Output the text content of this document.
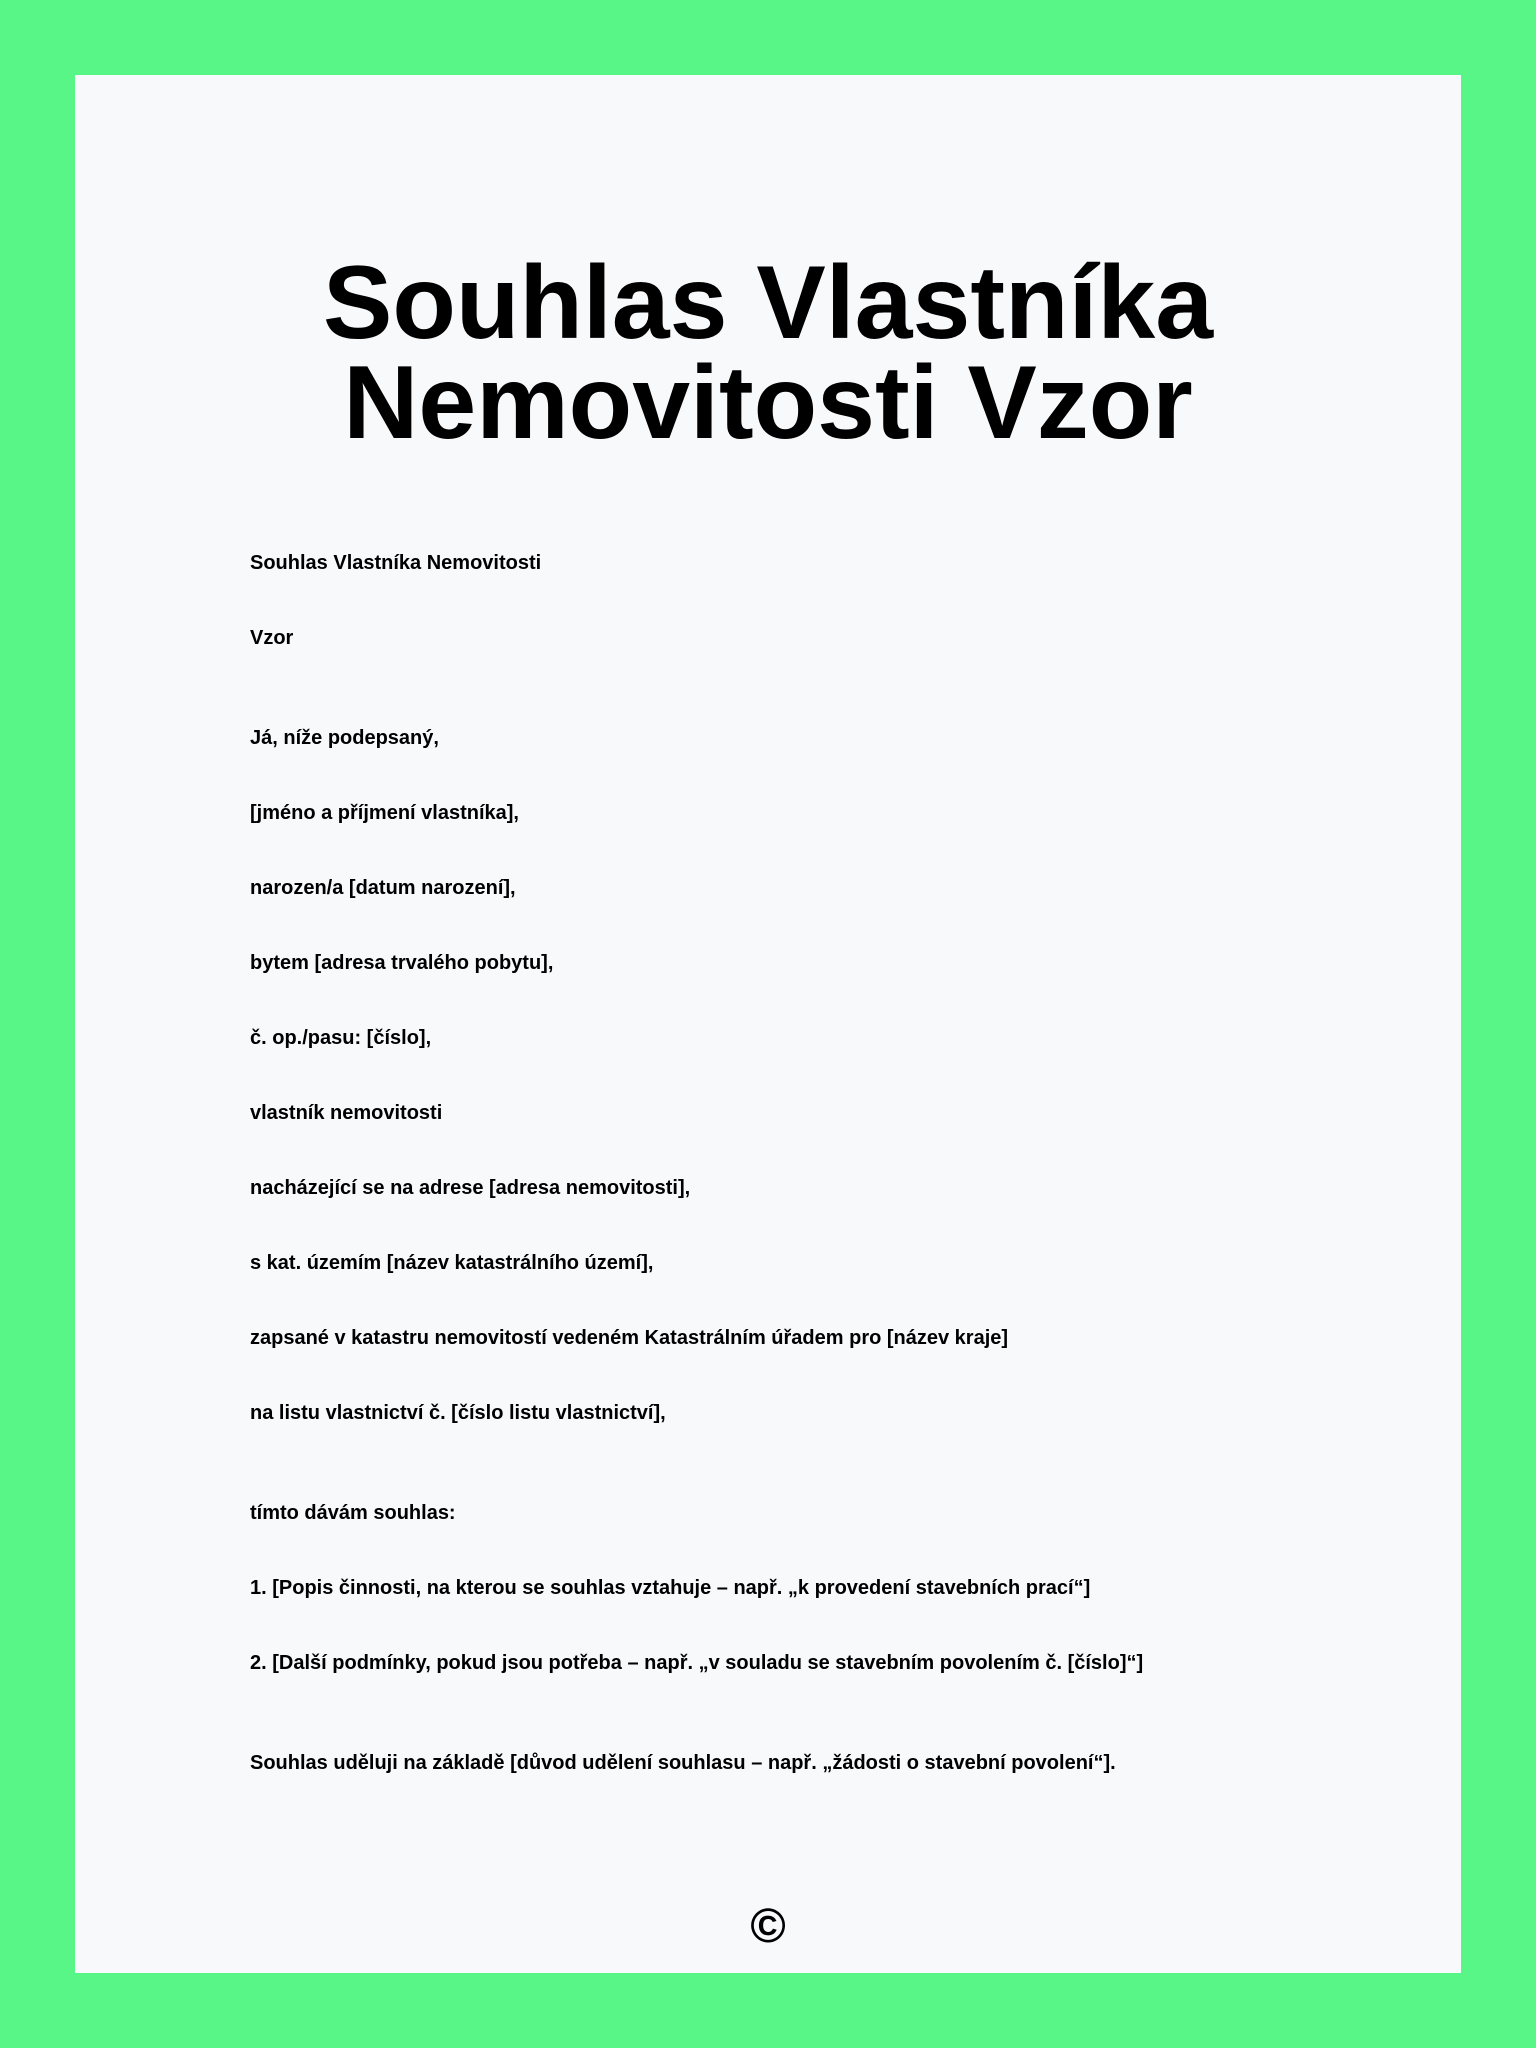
Souhlas Vlastníka
Nemovitosti Vzor

Souhlas Vlastníka Nemovitosti

Vzor

Já, níže podepsaný,

[jméno a příjmení vlastníka],

narozen/a [datum narození],

bytem [adresa trvalého pobytu],

č. op./pasu: [číslo],

vlastník nemovitosti

nacházející se na adrese [adresa nemovitosti],

s kat. územím [název katastrálního území],

zapsané v katastru nemovitostí vedeném Katastrálním úřadem pro [název kraje]

na listu vlastnictví č. [číslo listu vlastnictví],

tímto dávám souhlas:

1. [Popis činnosti, na kterou se souhlas vztahuje – např. „k provedení stavebních prací“]

2. [Další podmínky, pokud jsou potřeba – např. „v souladu se stavebním povolením č. [číslo]“]

Souhlas uděluji na základě [důvod udělení souhlasu – např. „žádosti o stavební povolení“].

©
